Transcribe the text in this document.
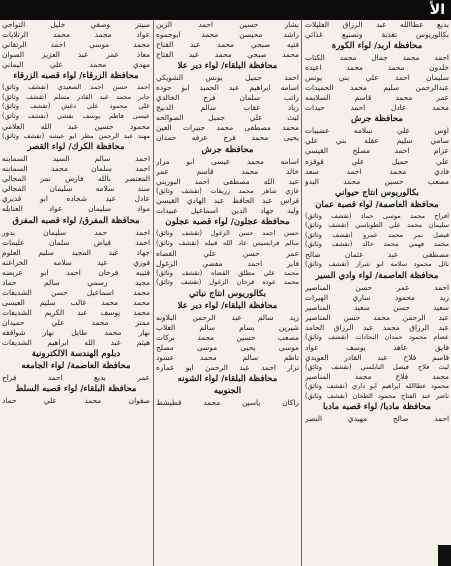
الأ
بديع عطاالله عبد الرزاق الفليلات
بكالوريوس تغذية وتصنيع غذائي
محافظة اربد/ لواء الكورة
احمد محمد جمال محمد الكتاب
خلدون محمد محمد اعيده
سليمان احمد علي بني يونس
عبدالرحمن سليم محمد الحميدات
عمر محمد قاسم السلايمه
محمد عادل احمد حيدات
محافظة جرش
اوس علي سلامه عضيبات
سامي سليم عقله بني علي
عزام احمد مصلح القيسي
علي جميل علي قوقزه
فادي محمد احمد سعد
مصعب حسين محمد البدو
بكالوريوس انتاج حيواني
محافظة العاصمة/ لواء قصبة عمان
افراح محمد موسى حماد (تقشف وثائق)
سليمان محمد علي الطوباسي (تقشف وثائق)
فيصل نمر محمد عمرو (تقشف وثائق)
محمد فهمي محمد خالد (تقشف وثائق)
مصطفى عبد عثمان صالح
نائل محمود سلامه ابو شرار (تقشف وثائق)
محافظة العاصمة/ لواء وادي السير
احمد عمر حسن المناصير
زيد محمود ساري الهيرات
سعيد حسن سعيد المناصير
عبد الرحمن محمد حسن المناصير
عبد الرزاق محمد عبد الرزاق الحامد
عصام محمود حمدان النجادات (تقشف وثائق)
فايق عاهد يوسف عواد
قاسم فلاح عبد القادر العويدي
ليث فلاح فيصل النابلسي (تقشف وثائق)
محمد فلاح محمد المناصير
محمود عطاالله ابراهيم ابو داري (تقشف وثائق)
ناصر عبد الفتاح محمود الطحان (تقشف وثائق)
محافظة مادبا/ لواء قصبه مادبا
احمد صالح مهيدي النصر
بشار حسين احمد الزين
راشد محيسن محمد ابوحموه
فتيه صبحي محمد عبد الفتاح
محمد صبحي محمد عبد الفتاح
محافظة البلقاء/ لواء دير علا
احمد جميل يونس الشويكي
اسامه ابراهيم عبد الحميد ابو جوده
راتب سلمان فرج الخالدي
زياد عقاب سالم الدبيج
ليث علي جميل الصوالحه
محمد مصطفى محمد جبيرات العين
يحيى محمد فرج عرفه حمدان
محافظة جرش
اسامه محمد عيسى ابو مرار
خالد محمد قاسم عمر
عبد الله مصطفى احمد البوريني
غازي شاهر محمد زريقات (تقشف وثائق)
فراس عبد الحافظ عبد الهادي القيسي
وليد جهاد الدين اسماعيل عبيدات
محافظة عجلون/ لواء قصبه عجلون
حسن احمد حسن الزغول (تقشف وثائق)
سالم فرانسيس عاد الله قبيله (تقشف وثائق)
عمر حسن علي القضاه
فايز احمد مفضي الزغول
محمد علي مطلق القضاه (تقشف وثائق)
محمد عوده فرحان الزغول (تقشف وثائق)
بكالوريوس انتاج نباتي
محافظة البلقاء/ لواء دير علا
زيد سالم عبد الرحمن البلاونه
شيرين بسام سالم الغلاب
مصعب حسين محمد بركات
موسى يحيى موسى مصلح
ناظم سالم محمد عسود
نزار احمد عبد الرحمن ابو عماره
محافظة البلقاء/ لواء الشونه
الجنوبيه
راكان ياسين محمد قطيشط
سيتر وصفي خليل التواجي
عواد محمد محمد الرتلايات
محمد موسى احمد الرتقاني
معاذ عمر عبد العزيز الصوان
مهدي محمد علي اليماني
محافظة الزرقاء/ لواء قصبه الزرقاء
احمد حسن احمد الصعيدي (تقشف وثائق)
جابر محمد عبد القادر مسلم (تقشف وثائق)
علي محمود علي دغش (تقشف وثائق)
عيسى فاطم يوسف نقشي (تقشف وثائق)
محمود حسين عبد الله العلامي
مهند عبد الرحمن مطر ابو عيشه (تقشف وثائق)
محافظة الكرك/ لواء القصر
احمد سالم السيد السمابنه
احمد سلمان محمد السمابنه
المعتصر بالله فارس نمر المجالي
سند سلامه سليمان المجالي
عادل عيد شحاده ابو قديري
مواد سليمان عواد العنايله
محافظة المفرق/ لواء قصبه المفرق
احمد حمد سليمان بدور
احمد فياض سلمان عليمات
جهاد عبد المجيد سليم العلوم
فوزي عيد سلامه الخزاعنه
فتيبه فرحان احمد ابو عريضه
مجيد رسمي سالم حماد
محمد اسماعيل حسن الشديفات
محمد محمد غالب سليم العيسى
محمد يوسف عبد الكريم الشديفات
ممتز محمد علي حميدان
نهار محمد طايل نهار شواقفه
هيثم عبد الله ابراهيم الشديفات
دبلوم الهندسة الالكترونية
محافظة العاصمة/ لواء الجامعه
عمر بديع احمد فراج
محافظة البلقاء/ لواء قصبه السلط
صفوان محمد علي حماد
